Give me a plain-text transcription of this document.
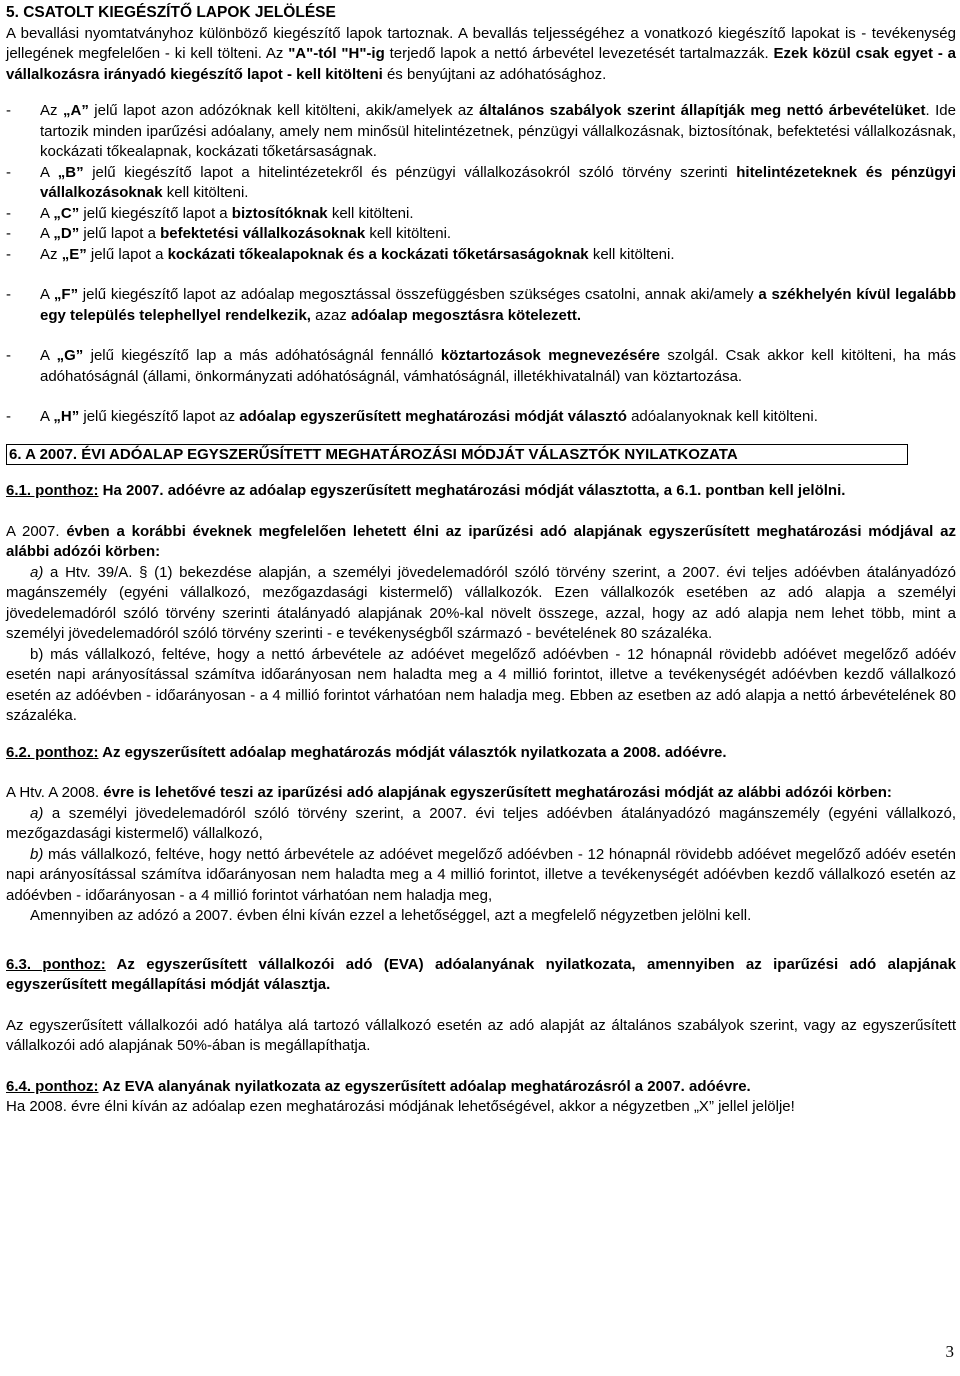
5. CSATOLT KIEGÉSZÍTŐ LAPOK JELÖLÉSE

A bevallási nyomtatványhoz különböző kiegészítő lapok tartoznak. A bevallás teljességéhez a vonatkozó kiegészítő lapokat is - tevékenység jellegének megfelelően - ki kell tölteni. Az "A"-tól "H"-ig terjedő lapok a nettó árbevétel levezetését tartalmazzák. Ezek közül csak egyet - a vállalkozásra irányadó kiegészítő lapot - kell kitölteni és benyújtani az adóhatósághoz.

-	Az „A” jelű lapot azon adózóknak kell kitölteni, akik/amelyek az általános szabályok szerint állapítják meg nettó árbevételüket. Ide tartozik minden iparűzési adóalany, amely nem minősül hitelintézetnek, pénzügyi vállalkozásnak, biztosítónak, befektetési vállalkozásnak, kockázati tőkealapnak, kockázati tőketársaságnak.

-	A „B” jelű kiegészítő lapot a hitelintézetekről és pénzügyi vállalkozásokról szóló törvény szerinti hitelintézeteknek és pénzügyi vállalkozásoknak kell kitölteni.

-	A „C” jelű kiegészítő lapot a biztosítóknak kell kitölteni.

-	A „D” jelű lapot a befektetési vállalkozásoknak kell kitölteni.

-	Az „E” jelű lapot a kockázati tőkealapoknak és a kockázati tőketársaságoknak kell kitölteni.

-	A „F” jelű kiegészítő lapot az adóalap megosztással összefüggésben szükséges csatolni, annak aki/amely a székhelyén kívül legalább egy település telephellyel rendelkezik, azaz adóalap megosztásra kötelezett.

-	A „G” jelű kiegészítő lap a más adóhatóságnál fennálló köztartozások megnevezésére szolgál. Csak akkor kell kitölteni, ha más adóhatóságnál (állami, önkormányzati adóhatóságnál, vámhatóságnál, illetékhivatalnál) van köztartozása.

-	A „H” jelű kiegészítő lapot az adóalap egyszerűsített meghatározási módját választó adóalanyoknak kell kitölteni.

6. A 2007. ÉVI ADÓALAP EGYSZERŰSÍTETT MEGHATÁROZÁSI MÓDJÁT VÁLASZTÓK NYILATKOZATA

6.1. ponthoz: Ha 2007. adóévre az adóalap egyszerűsített meghatározási módját választotta, a 6.1. pontban kell jelölni.

A 2007. évben a korábbi éveknek megfelelően lehetett élni az iparűzési adó alapjának egyszerűsített meghatározási módjával az alábbi adózói körben:

a) a Htv. 39/A. § (1) bekezdése alapján, a személyi jövedelemadóról szóló törvény szerint, a 2007. évi teljes adóévben átalányadózó magánszemély (egyéni vállalkozó, mezőgazdasági kistermelő) vállalkozók. Ezen vállalkozók esetében az adó alapja a személyi jövedelemadóról szóló törvény szerinti átalányadó alapjának 20%-kal növelt összege, azzal, hogy az adó alapja nem lehet több, mint a személyi jövedelemadóról szóló törvény szerinti - e tevékenységből származó - bevételének 80 százaléka.

b) más vállalkozó, feltéve, hogy a nettó árbevétele az adóévet megelőző adóévben - 12 hónapnál rövidebb adóévet megelőző adóév esetén napi arányosítással számítva időarányosan nem haladta meg a 4 millió forintot, illetve a tevékenységét adóévben kezdő vállalkozó esetén az adóévben - időarányosan - a 4 millió forintot várhatóan nem haladja meg. Ebben az esetben az adó alapja a nettó árbevételének 80 százaléka.

6.2. ponthoz: Az egyszerűsített adóalap meghatározás módját választók nyilatkozata a 2008. adóévre.

A Htv. A 2008. évre is lehetővé teszi az iparűzési adó alapjának egyszerűsített meghatározási módját az alábbi adózói körben:

a) a személyi jövedelemadóról szóló törvény szerint, a 2007. évi teljes adóévben átalányadózó magánszemély (egyéni vállalkozó, mezőgazdasági kistermelő) vállalkozó,

b) más vállalkozó, feltéve, hogy nettó árbevétele az adóévet megelőző adóévben - 12 hónapnál rövidebb adóévet megelőző adóév esetén napi arányosítással számítva időarányosan nem haladta meg a 4 millió forintot, illetve a tevékenységét adóévben kezdő vállalkozó esetén az adóévben - időarányosan - a 4 millió forintot várhatóan nem haladja meg,

Amennyiben az adózó a 2007. évben élni kíván ezzel a lehetőséggel, azt a megfelelő négyzetben jelölni kell.

6.3. ponthoz: Az egyszerűsített vállalkozói adó (EVA) adóalanyának nyilatkozata, amennyiben az iparűzési adó alapjának egyszerűsített megállapítási módját választja.

Az egyszerűsített vállalkozói adó hatálya alá tartozó vállalkozó esetén az adó alapját az általános szabályok szerint, vagy az egyszerűsített vállalkozói adó alapjának 50%-ában is megállapíthatja.

6.4. ponthoz: Az EVA alanyának nyilatkozata az egyszerűsített adóalap meghatározásról a 2007. adóévre.

Ha 2008. évre élni kíván az adóalap ezen meghatározási módjának lehetőségével, akkor a négyzetben „X” jellel jelölje!

3
